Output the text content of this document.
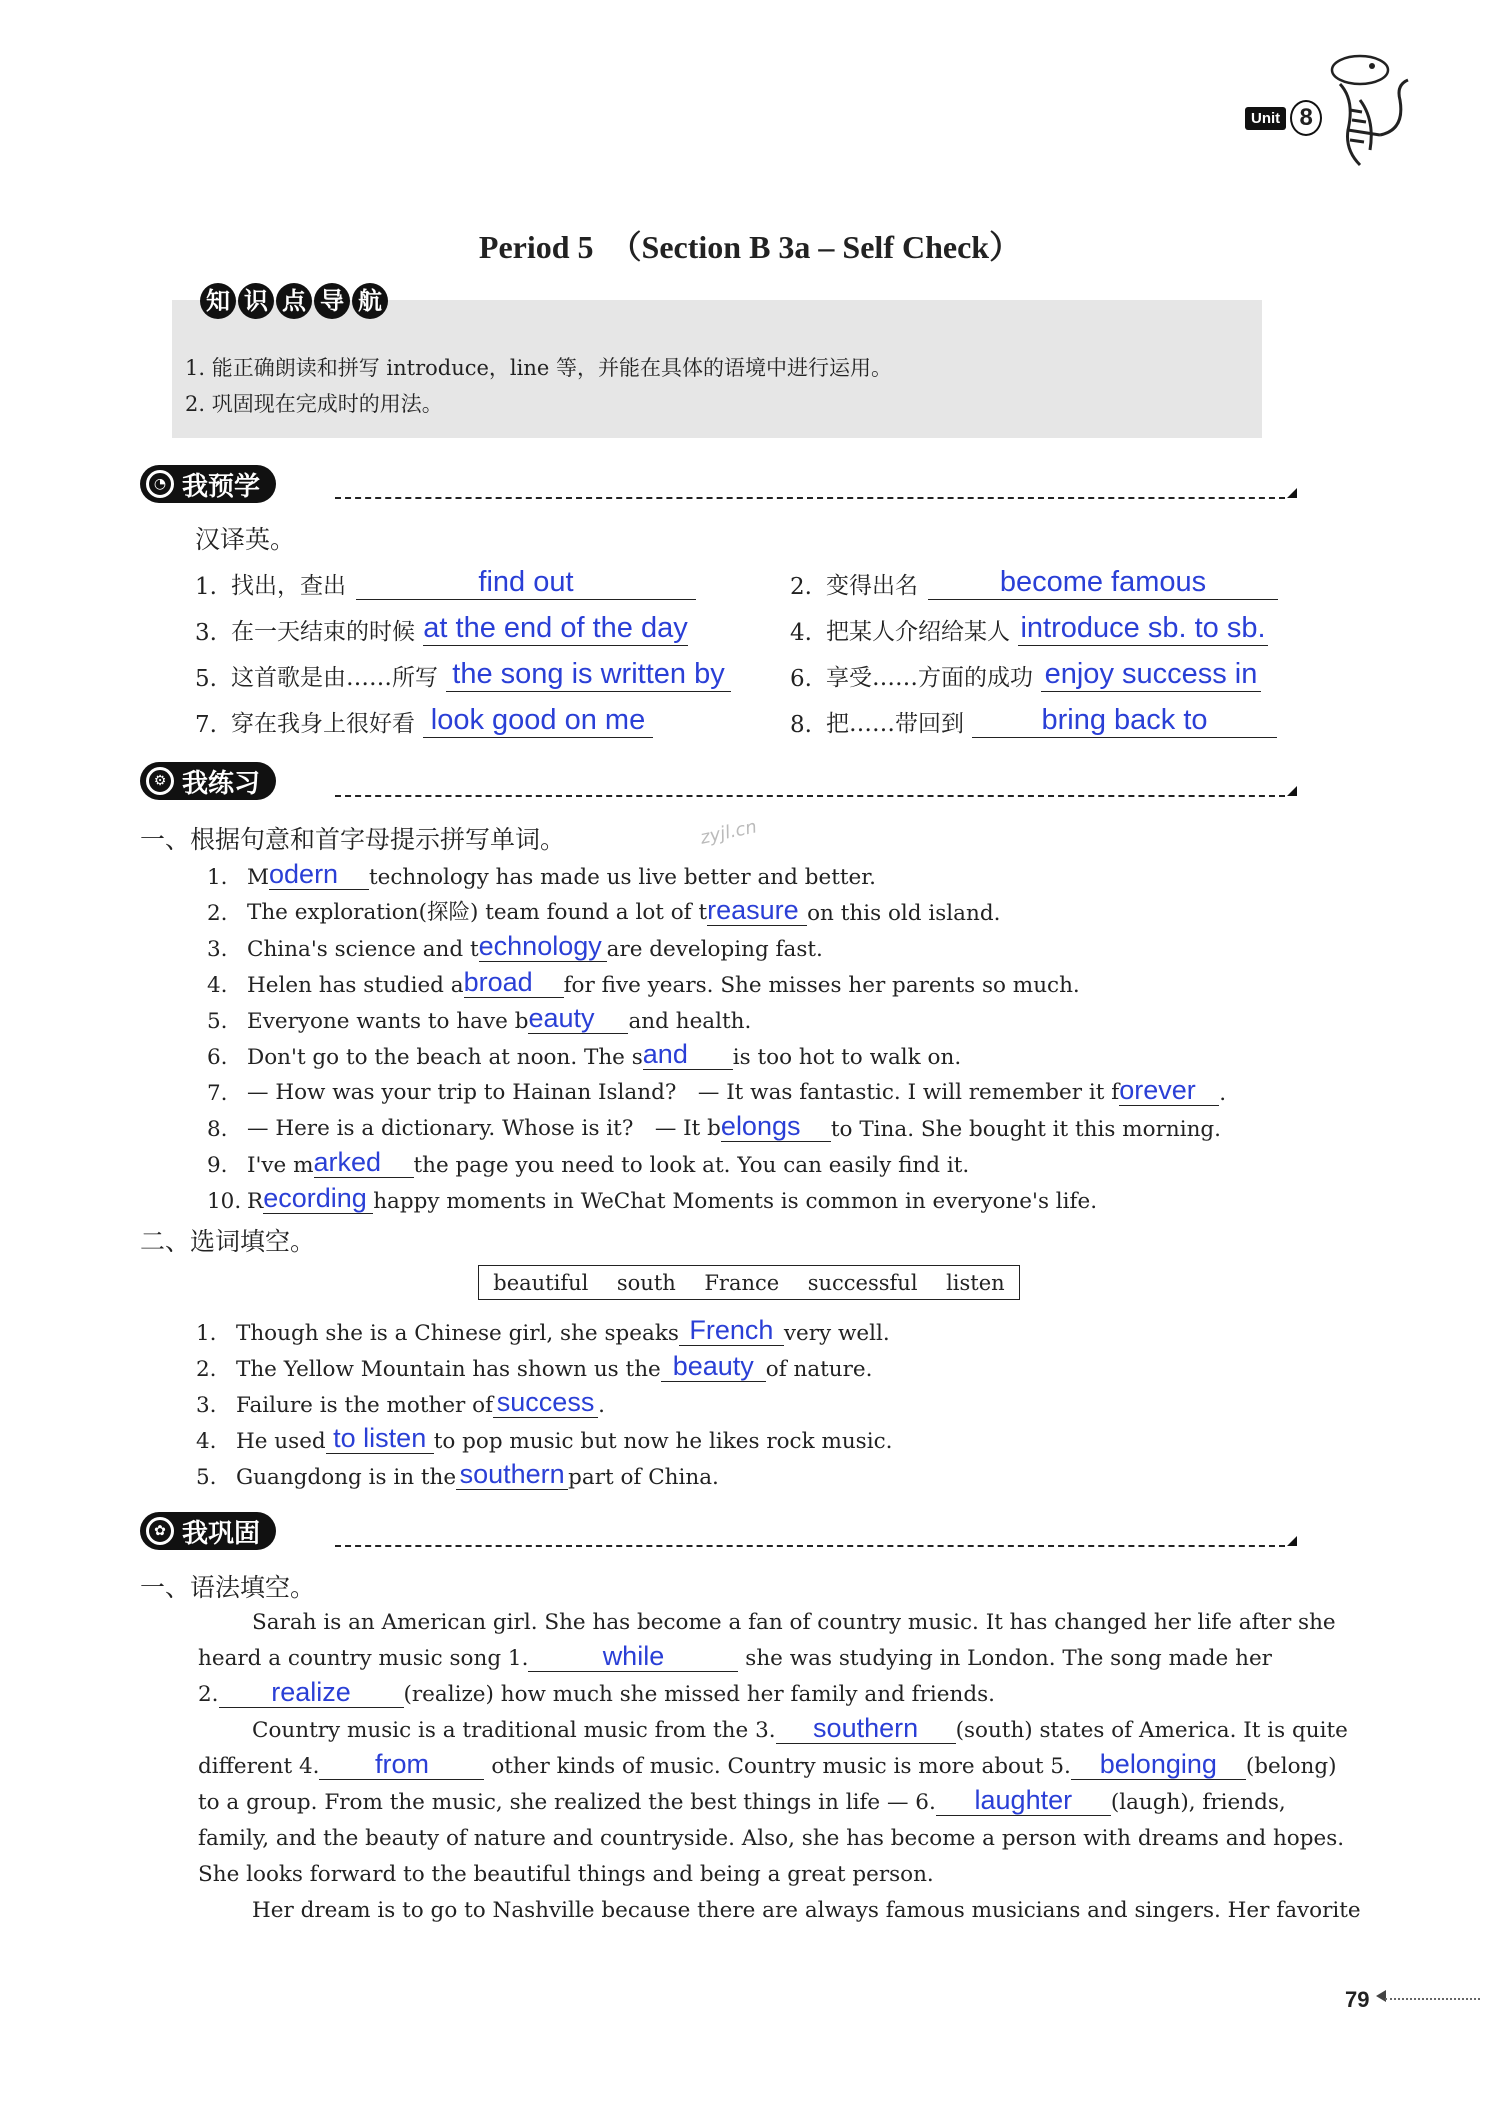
Unit 8
Period 5　（Section B 3a – Self Check）
知 识 点 导 航
1. 能正确朗读和拼写 introduce，line 等，并能在具体的语境中进行运用。
2. 巩固现在完成时的用法。
◔ 我预学
汉译英。
1. 找出，查出	find out	2. 变得出名	become famous
3. 在一天结束的时候 at the end of the day	4. 把某人介绍给某人 introduce sb. to sb.
5. 这首歌是由……所写 the song is written by	6. 享受……方面的成功 enjoy success in
7. 穿在我身上很好看 look good on me	8. 把……带回到	bring back to
⚙ 我练习
zyjl.cn
一、根据句意和首字母提示拼写单词。
1. M odern	technology has made us live better and better.
2. The exploration(探险) team found a lot of t reasure on this old island.
3. China's science and t echnology are developing fast.
4. Helen has studied a broad	for five years. She misses her parents so much.
5. Everyone wants to have b eauty	and health.
6. Don't go to the beach at noon. The s and	is too hot to walk on.
7. — How was your trip to Hainan Island?　— It was fantastic. I will remember it f orever	.
8. — Here is a dictionary. Whose is it?　— It b elongs	to Tina. She bought it this morning.
9. I've m arked	the page you need to look at. You can easily find it.
10. R ecording happy moments in WeChat Moments is common in everyone's life.
二、选词填空。
beautiful south France successful listen
1. Though she is a Chinese girl, she speaks French very well.
2. The Yellow Mountain has shown us the beauty of nature.
3. Failure is the mother of success .
4. He used to listen to pop music but now he likes rock music.
5. Guangdong is in the southern part of China.
✿ 我巩固
一、语法填空。
Sarah is an American girl. She has become a fan of country music. It has changed her life after she
heard a country music song 1.	while	she was studying in London. The song made her
2. realize (realize) how much she missed her family and friends.
Country music is a traditional music from the 3. southern (south) states of America. It is quite
different 4. from	other kinds of music. Country music is more about 5. belonging (belong)
to a group. From the music, she realized the best things in life — 6. laughter (laugh), friends,
family, and the beauty of nature and countryside. Also, she has become a person with dreams and hopes.
She looks forward to the beautiful things and being a great person.
Her dream is to go to Nashville because there are always famous musicians and singers. Her favorite
79
